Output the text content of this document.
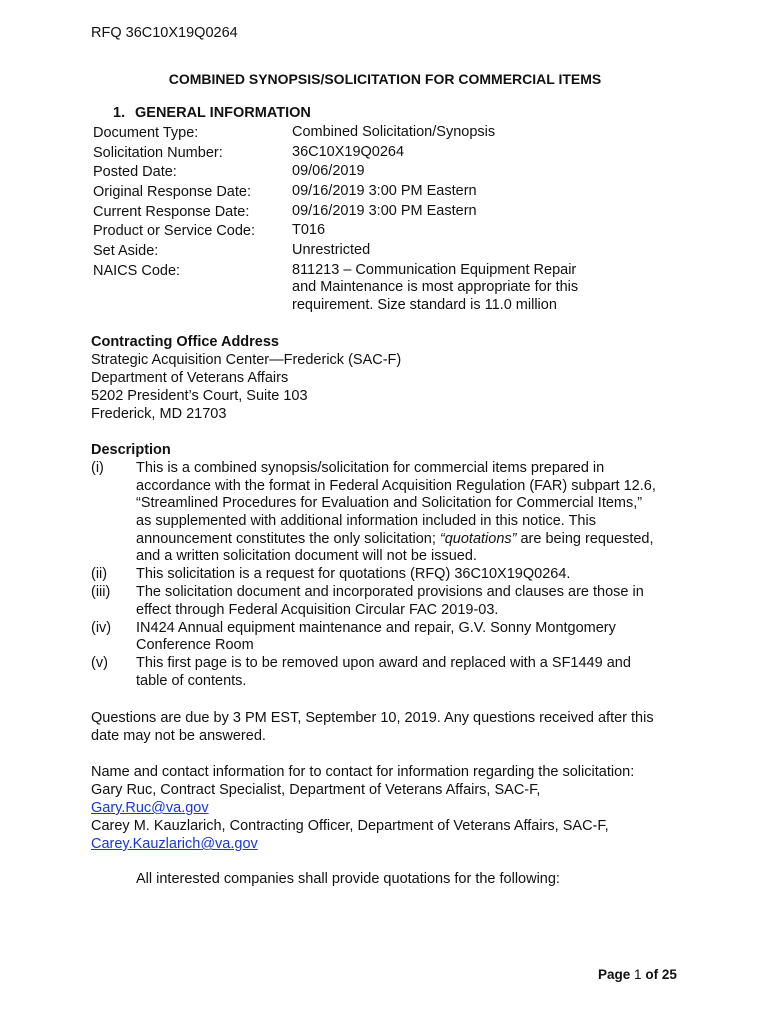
RFQ 36C10X19Q0264
COMBINED SYNOPSIS/SOLICITATION FOR COMMERCIAL ITEMS
1. GENERAL INFORMATION
Document Type:	Combined Solicitation/Synopsis
Solicitation Number:	36C10X19Q0264
Posted Date:	09/06/2019
Original Response Date:	09/16/2019 3:00 PM Eastern
Current Response Date:	09/16/2019 3:00 PM Eastern
Product or Service Code:	T016
Set Aside:	Unrestricted
NAICS Code:	811213 – Communication Equipment Repair
and Maintenance is most appropriate for this
requirement. Size standard is 11.0 million
Contracting Office Address
Strategic Acquisition Center—Frederick (SAC-F)
Department of Veterans Affairs
5202 President’s Court, Suite 103
Frederick, MD 21703
Description
(i)	This is a combined synopsis/solicitation for commercial items prepared in
accordance with the format in Federal Acquisition Regulation (FAR) subpart 12.6,
“Streamlined Procedures for Evaluation and Solicitation for Commercial Items,”
as supplemented with additional information included in this notice. This
announcement constitutes the only solicitation; “quotations” are being requested,
and a written solicitation document will not be issued.
(ii)	This solicitation is a request for quotations (RFQ) 36C10X19Q0264.
(iii)	The solicitation document and incorporated provisions and clauses are those in
effect through Federal Acquisition Circular FAC 2019-03.
(iv)	IN424 Annual equipment maintenance and repair, G.V. Sonny Montgomery
Conference Room
(v)	This first page is to be removed upon award and replaced with a SF1449 and
table of contents.
Questions are due by 3 PM EST, September 10, 2019. Any questions received after this
date may not be answered.
Name and contact information for to contact for information regarding the solicitation:
Gary Ruc, Contract Specialist, Department of Veterans Affairs, SAC-F,
Gary.Ruc@va.gov
Carey M. Kauzlarich, Contracting Officer, Department of Veterans Affairs, SAC-F,
Carey.Kauzlarich@va.gov
All interested companies shall provide quotations for the following:
Page 1 of 25
